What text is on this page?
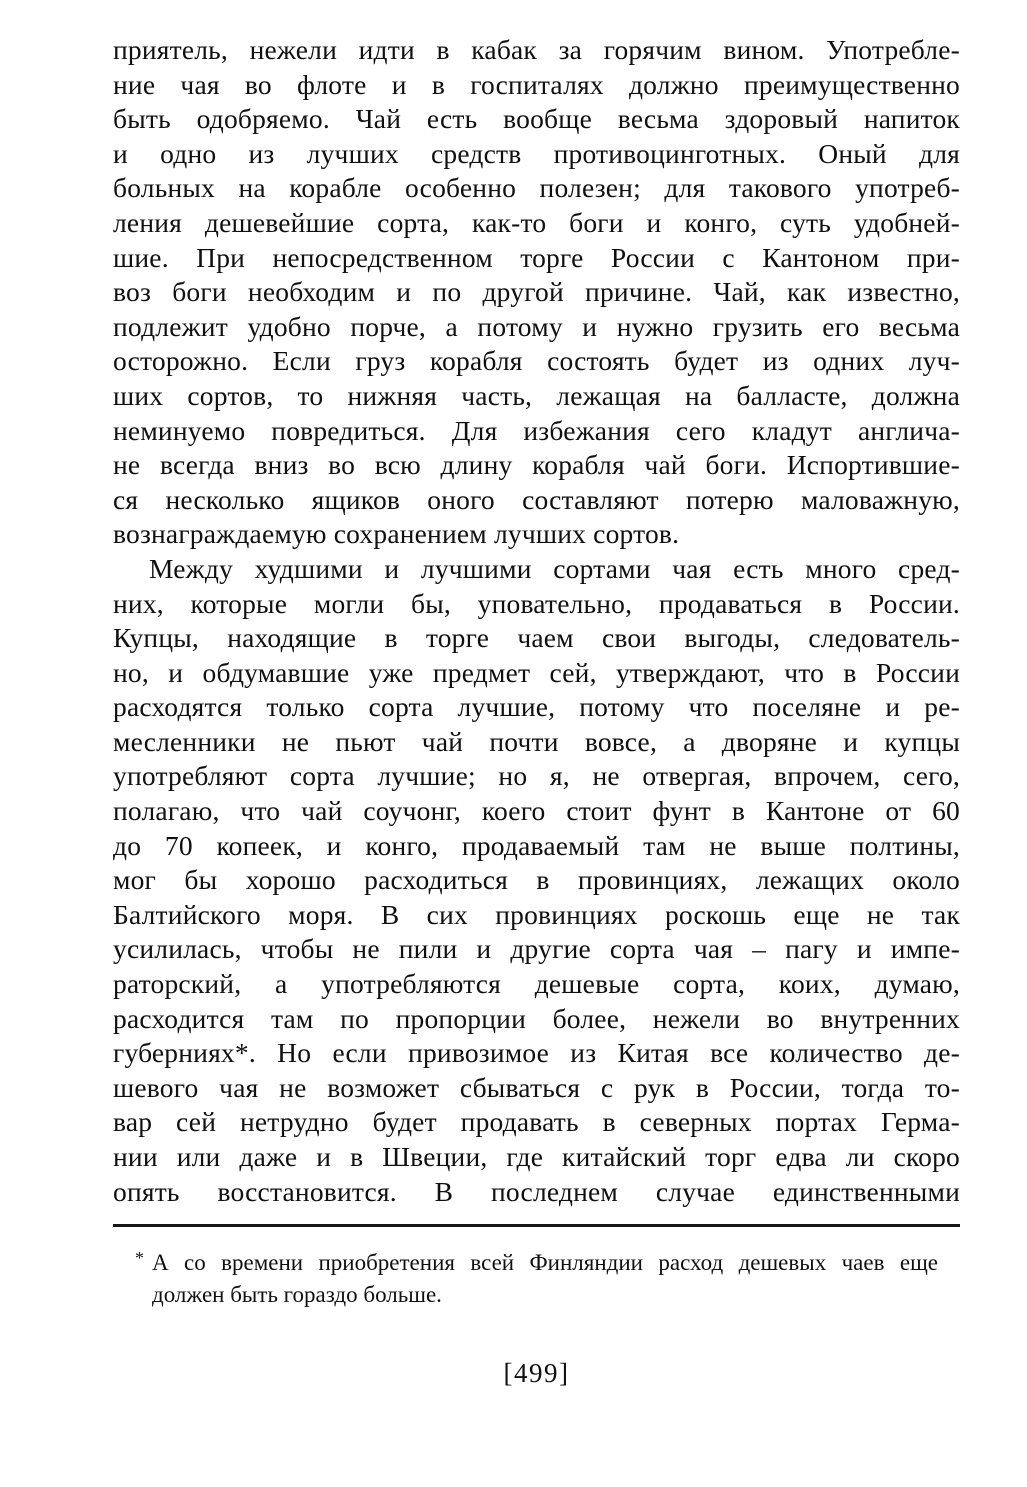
приятель, нежели идти в кабак за горячим вином. Употребле-
ние чая во флоте и в госпиталях должно преимущественно
быть одобряемо. Чай есть вообще весьма здоровый напиток
и одно из лучших средств противоцинготных. Оный для
больных на корабле особенно полезен; для такового употреб-
ления дешевейшие сорта, как-то боги и конго, суть удобней-
шие. При непосредственном торге России с Кантоном при-
воз боги необходим и по другой причине. Чай, как известно,
подлежит удобно порче, а потому и нужно грузить его весьма
осторожно. Если груз корабля состоять будет из одних луч-
ших сортов, то нижняя часть, лежащая на балласте, должна
неминуемо повредиться. Для избежания сего кладут англича-
не всегда вниз во всю длину корабля чай боги. Испортившие-
ся несколько ящиков оного составляют потерю маловажную,
вознаграждаемую сохранением лучших сортов.
Между худшими и лучшими сортами чая есть много сред-
них, которые могли бы, уповательно, продаваться в России.
Купцы, находящие в торге чаем свои выгоды, следователь-
но, и обдумавшие уже предмет сей, утверждают, что в России
расходятся только сорта лучшие, потому что поселяне и ре-
месленники не пьют чай почти вовсе, а дворяне и купцы
употребляют сорта лучшие; но я, не отвергая, впрочем, сего,
полагаю, что чай соучонг, коего стоит фунт в Кантоне от 60
до 70 копеек, и конго, продаваемый там не выше полтины,
мог бы хорошо расходиться в провинциях, лежащих около
Балтийского моря. В сих провинциях роскошь еще не так
усилилась, чтобы не пили и другие сорта чая – пагу и импе-
раторский, а употребляются дешевые сорта, коих, думаю,
расходится там по пропорции более, нежели во внутренних
губерниях*. Но если привозимое из Китая все количество де-
шевого чая не возможет сбываться с рук в России, тогда то-
вар сей нетрудно будет продавать в северных портах Герма-
нии или даже и в Швеции, где китайский торг едва ли скоро
опять восстановится. В последнем случае единственными
* А со времени приобретения всей Финляндии расход дешевых чаев еще
должен быть гораздо больше.
[499]
